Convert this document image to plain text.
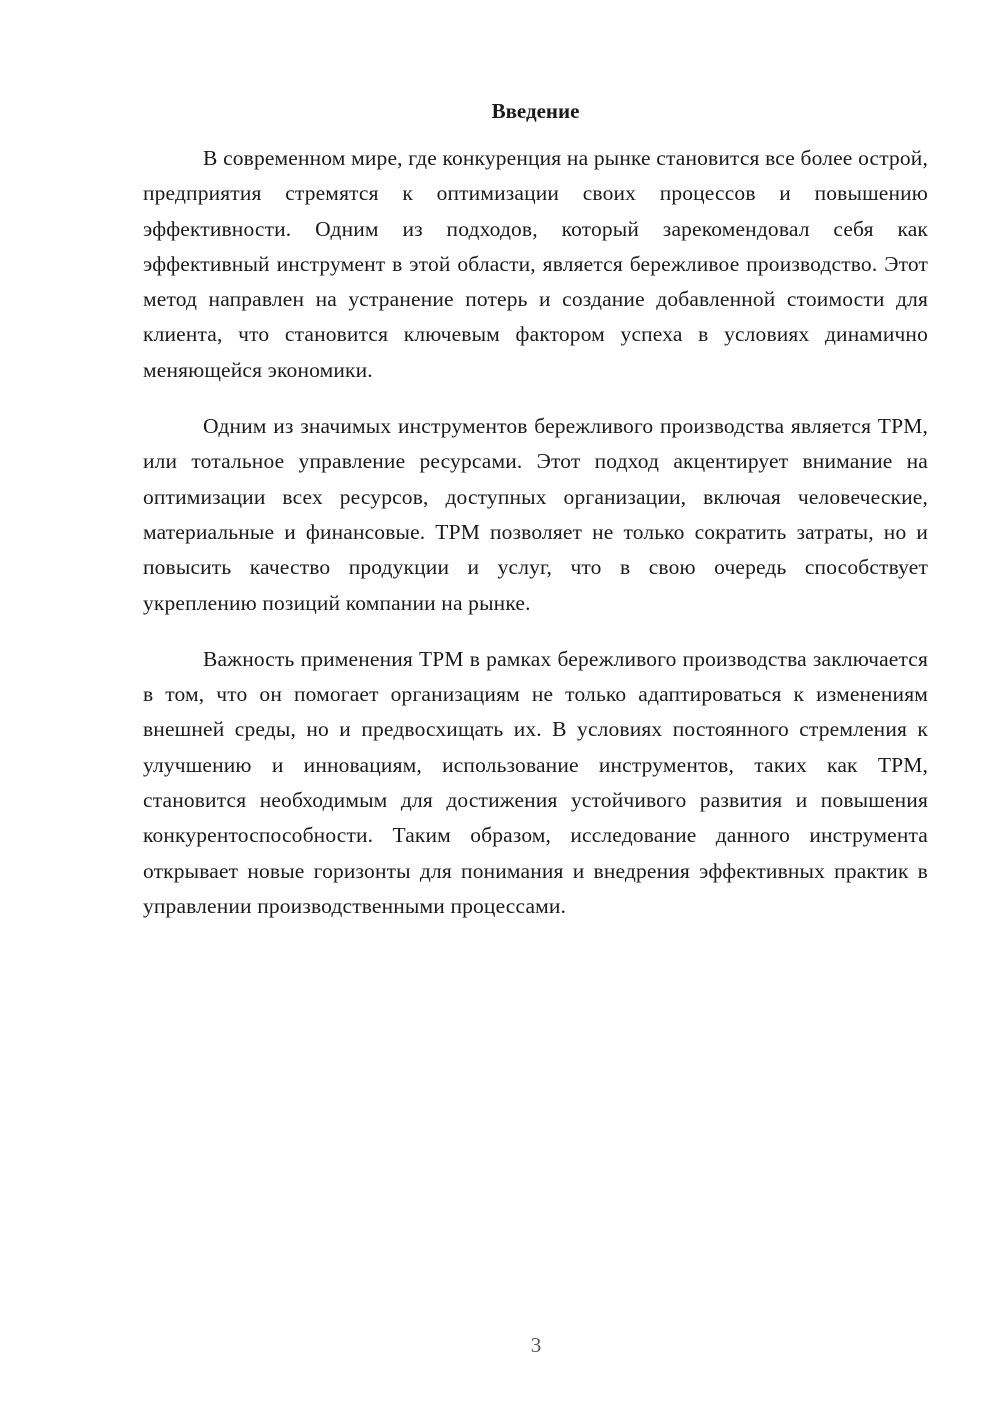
Введение

В современном мире, где конкуренция на рынке становится все более острой, предприятия стремятся к оптимизации своих процессов и повышению эффективности. Одним из подходов, который зарекомендовал себя как эффективный инструмент в этой области, является бережливое производство. Этот метод направлен на устранение потерь и создание добавленной стоимости для клиента, что становится ключевым фактором успеха в условиях динамично меняющейся экономики.

Одним из значимых инструментов бережливого производства является TPM, или тотальное управление ресурсами. Этот подход акцентирует внимание на оптимизации всех ресурсов, доступных организации, включая человеческие, материальные и финансовые. TPM позволяет не только сократить затраты, но и повысить качество продукции и услуг, что в свою очередь способствует укреплению позиций компании на рынке.

Важность применения TPM в рамках бережливого производства заключается в том, что он помогает организациям не только адаптироваться к изменениям внешней среды, но и предвосхищать их. В условиях постоянного стремления к улучшению и инновациям, использование инструментов, таких как TPM, становится необходимым для достижения устойчивого развития и повышения конкурентоспособности. Таким образом, исследование данного инструмента открывает новые горизонты для понимания и внедрения эффективных практик в управлении производственными процессами.

3
